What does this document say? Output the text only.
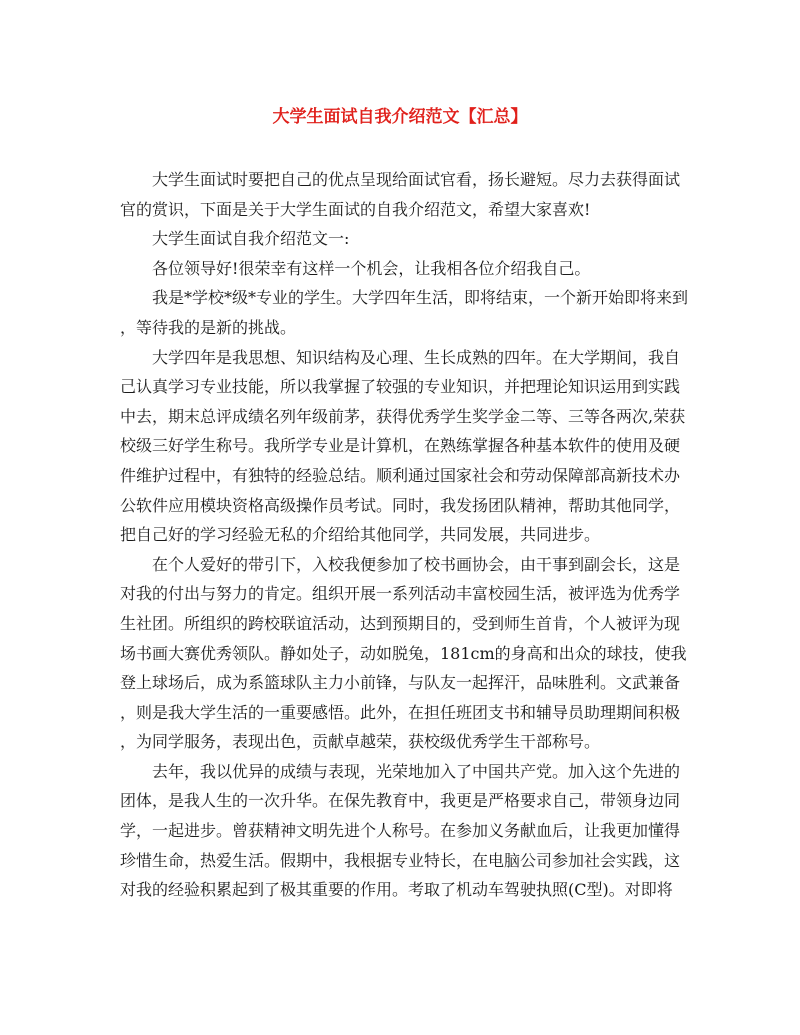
大学生面试自我介绍范文【汇总】
大学生面试时要把自己的优点呈现给面试官看，扬长避短。尽力去获得面试
官的赏识，下面是关于大学生面试的自我介绍范文，希望大家喜欢!
大学生面试自我介绍范文一:
各位领导好!很荣幸有这样一个机会，让我相各位介绍我自己。
我是*学校*级*专业的学生。大学四年生活，即将结束，一个新开始即将来到
，等待我的是新的挑战。
大学四年是我思想、知识结构及心理、生长成熟的四年。在大学期间，我自
己认真学习专业技能，所以我掌握了较强的专业知识，并把理论知识运用到实践
中去，期末总评成绩名列年级前茅，获得优秀学生奖学金二等、三等各两次,荣获
校级三好学生称号。我所学专业是计算机，在熟练掌握各种基本软件的使用及硬
件维护过程中，有独特的经验总结。顺利通过国家社会和劳动保障部高新技术办
公软件应用模块资格高级操作员考试。同时，我发扬团队精神，帮助其他同学，
把自己好的学习经验无私的介绍给其他同学，共同发展，共同进步。
在个人爱好的带引下，入校我便参加了校书画协会，由干事到副会长，这是
对我的付出与努力的肯定。组织开展一系列活动丰富校园生活，被评选为优秀学
生社团。所组织的跨校联谊活动，达到预期目的，受到师生首肯，个人被评为现
场书画大赛优秀领队。静如处子，动如脱兔，181cm的身高和出众的球技，使我
登上球场后，成为系篮球队主力小前锋，与队友一起挥汗，品味胜利。文武兼备
，则是我大学生活的一重要感悟。此外，在担任班团支书和辅导员助理期间积极
，为同学服务，表现出色，贡献卓越荣，获校级优秀学生干部称号。
去年，我以优异的成绩与表现，光荣地加入了中国共产党。加入这个先进的
团体，是我人生的一次升华。在保先教育中，我更是严格要求自己，带领身边同
学，一起进步。曾获精神文明先进个人称号。在参加义务献血后，让我更加懂得
珍惜生命，热爱生活。假期中，我根据专业特长，在电脑公司参加社会实践，这
对我的经验积累起到了极其重要的作用。考取了机动车驾驶执照(C型)。对即将
